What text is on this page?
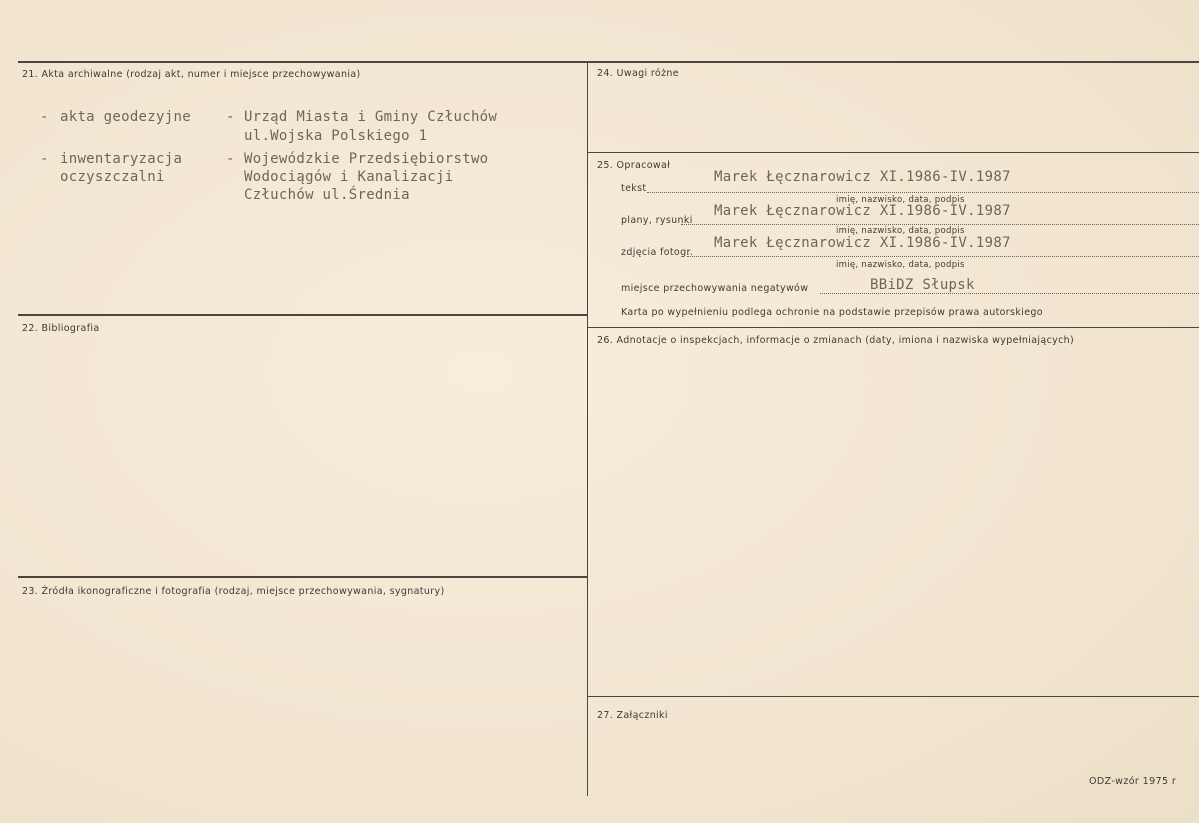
21. Akta archiwalne (rodzaj akt, numer i miejsce przechowywania)
- akta geodezyjne	- Urząd Miasta i Gminy Człuchów
ul.Wojska Polskiego 1
- inwentaryzacja
oczyszczalni
- Wojewódzkie Przedsiębiorstwo
Wodociągów i Kanalizacji
Człuchów ul.Średnia
22. Bibliografia
23. Źródła ikonograficzne i fotografia (rodzaj, miejsce przechowywania, sygnatury)
24. Uwagi różne
25. Opracował
tekst
Marek Łęcznarowicz XI.1986-IV.1987
imię, nazwisko, data, podpis
plany, rysunki
Marek Łęcznarowicz XI.1986-IV.1987
imię, nazwisko, data, podpis
zdjęcia fotogr.
Marek Łęcznarowicz XI.1986-IV.1987
imię, nazwisko, data, podpis
miejsce przechowywania negatywów	BBiDZ Słupsk
Karta po wypełnieniu podlega ochronie na podstawie przepisów prawa autorskiego
26. Adnotacje o inspekcjach, informacje o zmianach (daty, imiona i nazwiska wypełniających)
27. Załączniki
ODZ-wzór 1975 r
